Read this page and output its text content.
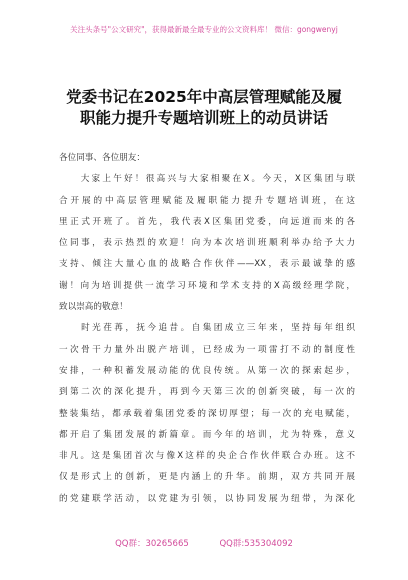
关注头条号"公文研究"，获得最新最全最专业的公文资料库！ 微信：gongwenyj
党委书记在2025年中高层管理赋能及履
职能力提升专题培训班上的动员讲话
各位同事、各位朋友：
　　大家上午好！很高兴与大家相聚在X。今天，X区集团与联
合开展的中高层管理赋能及履职能力提升专题培训班，在这
里正式开班了。首先，我代表X区集团党委，向远道而来的各
位同事，表示热烈的欢迎！向为本次培训班顺利举办给予大力
支持、倾注大量心血的战略合作伙伴——XX，表示最诚挚的感
谢！向为培训提供一流学习环境和学术支持的X高级经理学院，
致以崇高的敬意！
　　时光荏苒，抚今追昔。自集团成立三年来，坚持每年组织
一次骨干力量外出脱产培训，已经成为一项雷打不动的制度性
安排，一种积蓄发展动能的优良传统。从第一次的探索起步，
到第二次的深化提升，再到今天第三次的创新突破，每一次的
整装集结，都承载着集团党委的深切厚望；每一次的充电赋能，
都开启了集团发展的新篇章。而今年的培训，尤为特殊，意义
非凡。这是集团首次与像X这样的央企合作伙伴联合办班。这不
仅是形式上的创新，更是内涵上的升华。前期，双方共同开展
的党建联学活动，以党建为引领，以协同发展为纽带，为深化
QQ群：30265665	QQ群:535304092
